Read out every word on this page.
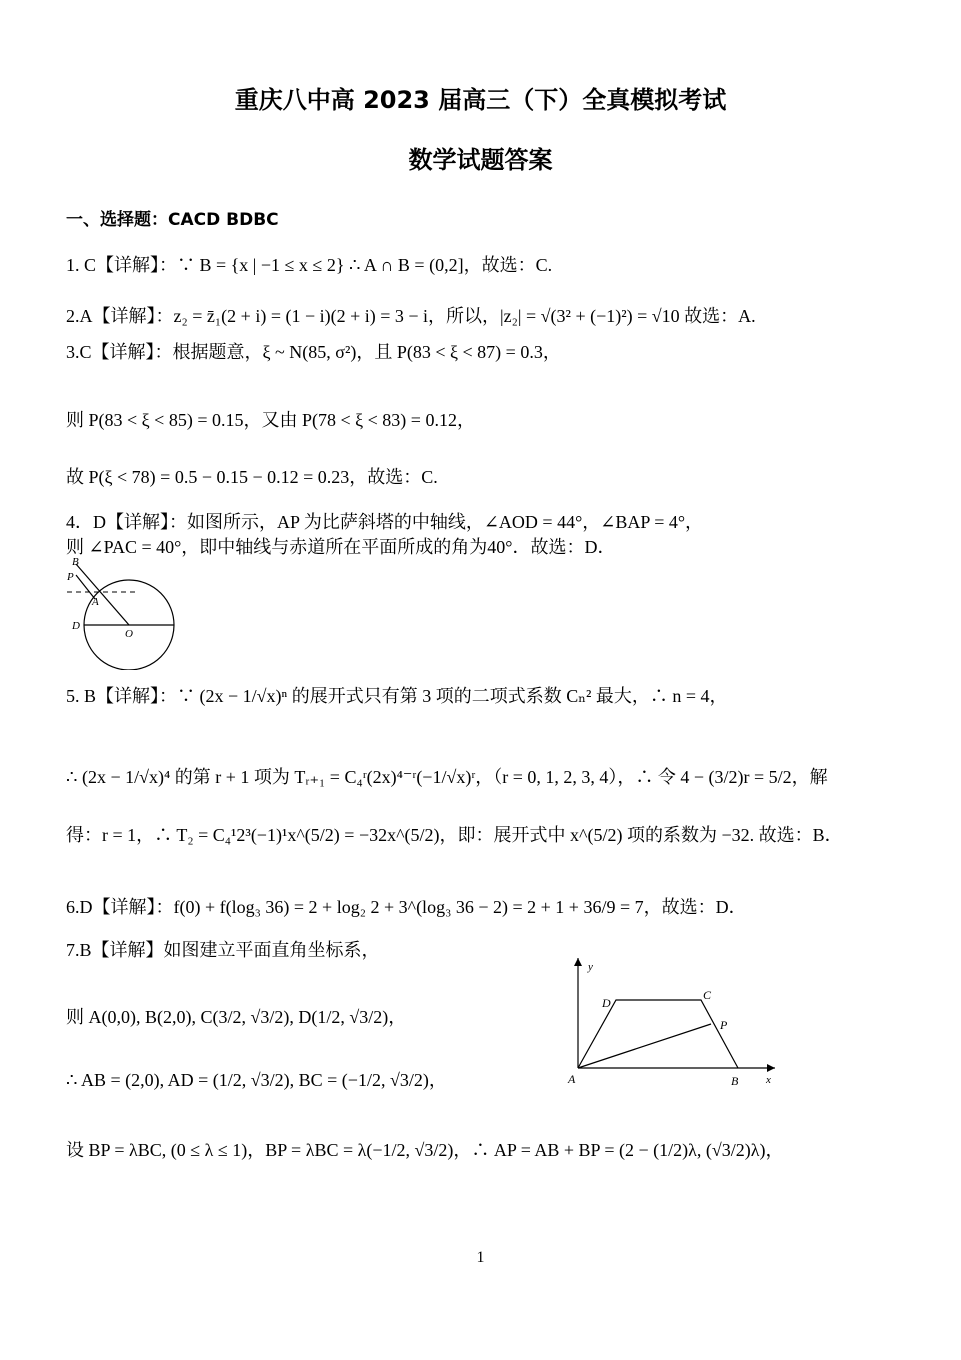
重庆八中高 2023 届高三（下）全真模拟考试
数学试题答案
一、选择题：CACD BDBC
1. C【详解】：∵ B = {x | −1 ≤ x ≤ 2} ∴ A ∩ B = (0,2]，故选：C.
2.A【详解】：z₂ = z̄₁(2 + i) = (1 − i)(2 + i) = 3 − i，所以，|z₂| = √(3² + (−1)²) = √10 故选：A.
3.C【详解】：根据题意，ξ ~ N(85, σ²)，且 P(83 < ξ < 87) = 0.3，
则 P(83 < ξ < 85) = 0.15，又由 P(78 < ξ < 83) = 0.12，
故 P(ξ < 78) = 0.5 − 0.15 − 0.12 = 0.23，故选：C.
4．D【详解】：如图所示，AP 为比萨斜塔的中轴线，∠AOD = 44°，∠BAP = 4°，
则 ∠PAC = 40°，即中轴线与赤道所在平面所成的角为40°．故选：D．
B
P
A
D
O
5. B【详解】：∵ (2x − 1/√x)ⁿ 的展开式只有第 3 项的二项式系数 Cₙ² 最大，∴ n = 4，
∴ (2x − 1/√x)⁴ 的第 r + 1 项为 Tᵣ₊₁ = C₄ʳ(2x)⁴⁻ʳ(−1/√x)ʳ，（r = 0, 1, 2, 3, 4），∴ 令 4 − (3/2)r = 5/2，解
得：r = 1，∴ T₂ = C₄¹2³(−1)¹x^(5/2) = −32x^(5/2)，即：展开式中 x^(5/2) 项的系数为 −32. 故选：B．
6.D【详解】：f(0) + f(log₃ 36) = 2 + log₂ 2 + 3^(log₃ 36 − 2) = 2 + 1 + 36/9 = 7，故选：D．
7.B【详解】如图建立平面直角坐标系，
y
D
C
P
A	B	x
则 A(0,0), B(2,0), C(3/2, √3/2), D(1/2, √3/2)，
∴ AB = (2,0), AD = (1/2, √3/2), BC = (−1/2, √3/2)，
设 BP = λBC, (0 ≤ λ ≤ 1)，BP = λBC = λ(−1/2, √3/2)，∴ AP = AB + BP = (2 − (1/2)λ, (√3/2)λ)，
1
